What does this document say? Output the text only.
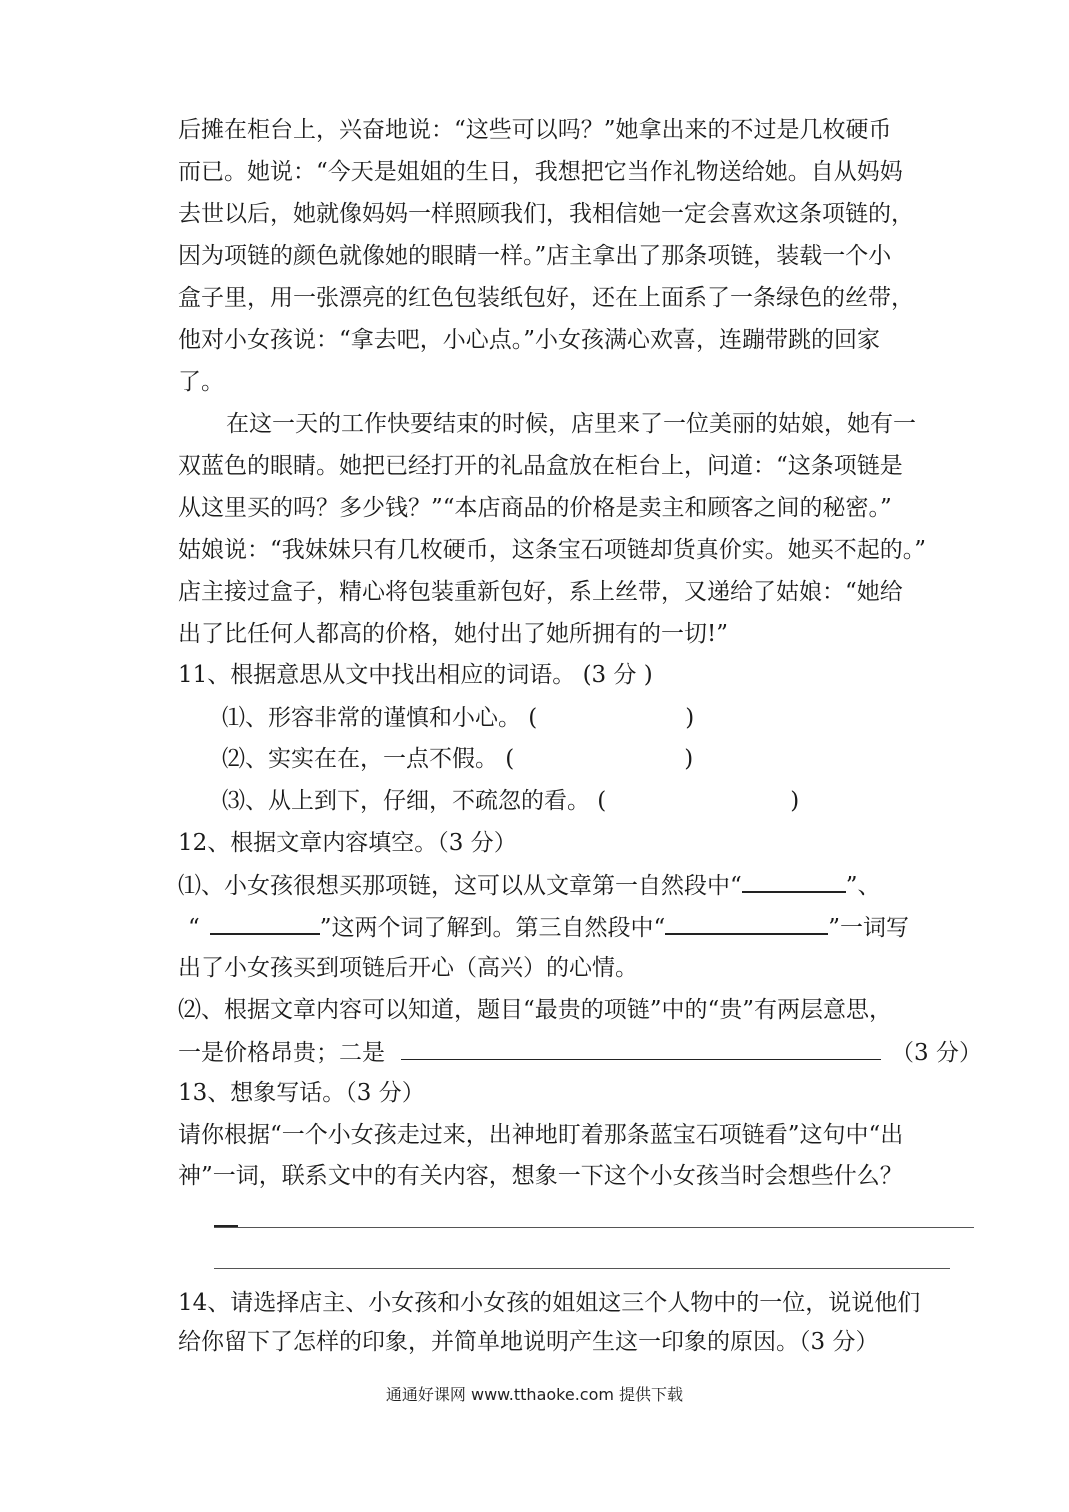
后摊在柜台上，兴奋地说：“这些可以吗？”她拿出来的不过是几枚硬币
而已。她说：“今天是姐姐的生日，我想把它当作礼物送给她。自从妈妈
去世以后，她就像妈妈一样照顾我们，我相信她一定会喜欢这条项链的，
因为项链的颜色就像她的眼睛一样。”店主拿出了那条项链，装载一个小
盒子里，用一张漂亮的红色包装纸包好，还在上面系了一条绿色的丝带，
他对小女孩说：“拿去吧，小心点。”小女孩满心欢喜，连蹦带跳的回家
了。
在这一天的工作快要结束的时候，店里来了一位美丽的姑娘，她有一
双蓝色的眼睛。她把已经打开的礼品盒放在柜台上，问道：“这条项链是
从这里买的吗？多少钱？”“本店商品的价格是卖主和顾客之间的秘密。”
姑娘说：“我妹妹只有几枚硬币，这条宝石项链却货真价实。她买不起的。”
店主接过盒子，精心将包装重新包好，系上丝带，又递给了姑娘：“她给
出了比任何人都高的价格，她付出了她所拥有的一切!”
11、根据意思从文中找出相应的词语。 (3 分 )
⑴、形容非常的谨慎和小心。 (	)
⑵、实实在在，一点不假。 (	)
⑶、从上到下，仔细，不疏忽的看。 (	)
12、根据文章内容填空。（3 分）
⑴、小女孩很想买那项链，这可以从文章第一自然段中“	”、
“	”这两个词了解到。第三自然段中“	”一词写
出了小女孩买到项链后开心（高兴）的心情。
⑵、根据文章内容可以知道，题目“最贵的项链”中的“贵”有两层意思，
一是价格昂贵；二是	（3 分）
13、想象写话。（3 分）
请你根据“一个小女孩走过来，出神地盯着那条蓝宝石项链看”这句中“出
神”一词，联系文中的有关内容，想象一下这个小女孩当时会想些什么？
14、请选择店主、小女孩和小女孩的姐姐这三个人物中的一位，说说他们
给你留下了怎样的印象，并简单地说明产生这一印象的原因。（3 分）
通通好课网 www.tthaoke.com 提供下载
